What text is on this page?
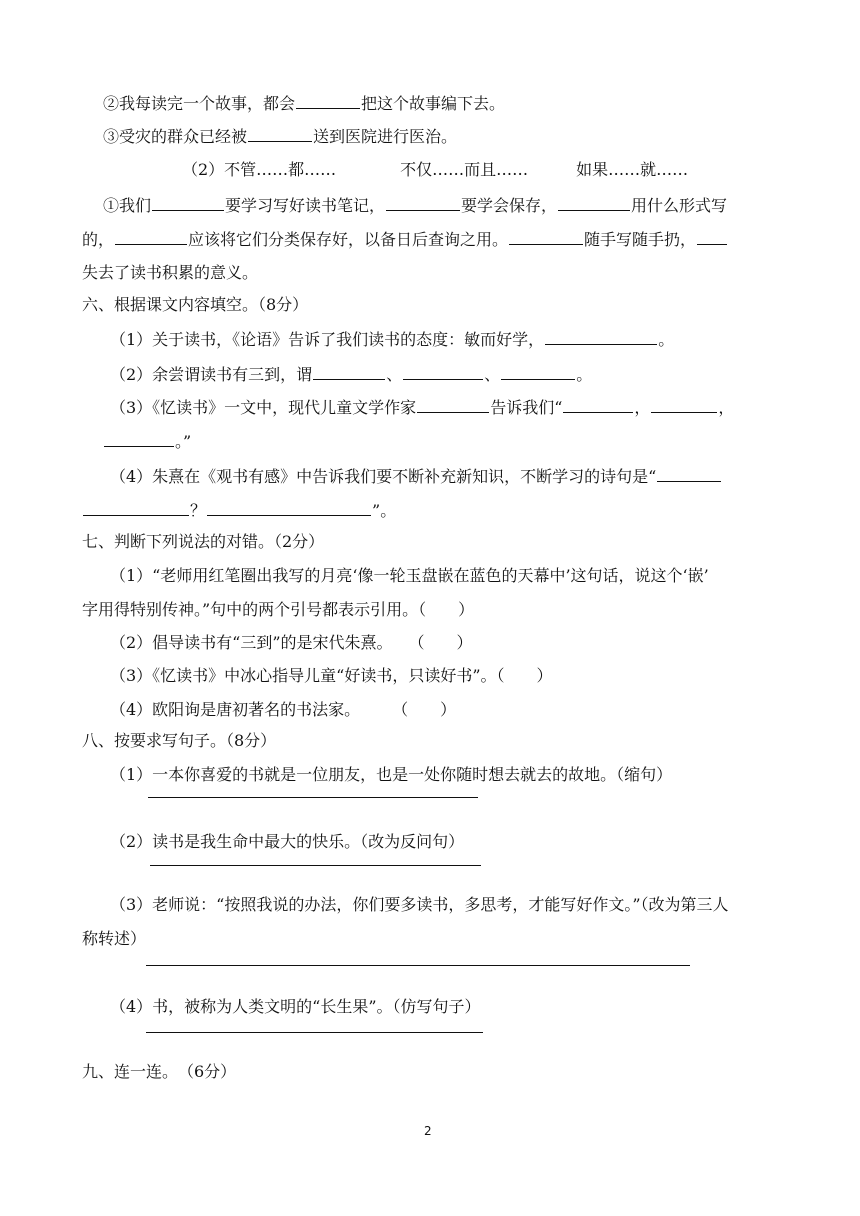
②我每读完一个故事，都会	把这个故事编下去。
③受灾的群众已经被	送到医院进行医治。
（2）不管……都……　　　　不仅……而且……　　　如果……就……
①我们	要学习写好读书笔记，	要学会保存，	用什么形式写
的，	应该将它们分类保存好，以备日后查询之用。	随手写随手扔，
失去了读书积累的意义。
六、根据课文内容填空。（8分）
（1）关于读书，《论语》告诉了我们读书的态度：敏而好学，	。
（2）余尝谓读书有三到，谓	、	、	。
（3）《忆读书》一文中，现代儿童文学作家	告诉我们“	，	，
。”
（4）朱熹在《观书有感》中告诉我们要不断补充新知识，不断学习的诗句是“
？	”。
七、判断下列说法的对错。（2分）
（1）“老师用红笔圈出我写的月亮‘像一轮玉盘嵌在蓝色的天幕中’这句话，说这个‘嵌’
字用得特别传神。”句中的两个引号都表示引用。（　　）
（2）倡导读书有“三到”的是宋代朱熹。　　（　　）
（3）《忆读书》中冰心指导儿童“好读书，只读好书”。（　　）
（4）欧阳询是唐初著名的书法家。　　　（　　）
八、按要求写句子。（8分）
（1）一本你喜爱的书就是一位朋友，也是一处你随时想去就去的故地。（缩句）
（2）读书是我生命中最大的快乐。（改为反问句）
（3）老师说：“按照我说的办法，你们要多读书，多思考，才能写好作文。”（改为第三人
称转述）
（4）书，被称为人类文明的“长生果”。（仿写句子）
九、连一连。　（6分）
2
